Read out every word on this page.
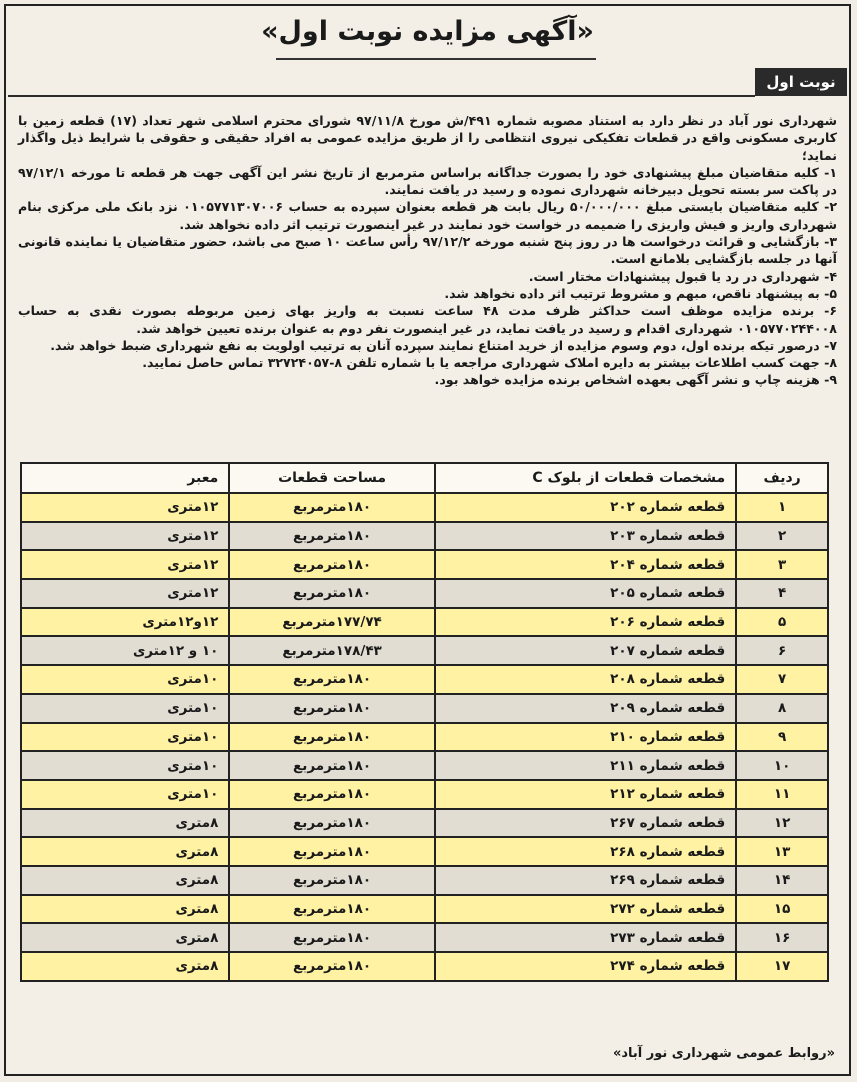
«آگهی مزایده نوبت اول»
نوبت اول

شهرداری نور آباد در نظر دارد به استناد مصوبه شماره ۴۹۱/ش مورخ ۹۷/۱۱/۸ شورای محترم اسلامی شهر تعداد (۱۷) قطعه زمین با کاربری مسکونی واقع در قطعات تفکیکی نیروی انتظامی را از طریق مزایده عمومی به افراد حقیقی و حقوقی با شرایط ذیل واگذار نماید؛

۱- کلیه متقاضیان مبلغ پیشنهادی خود را بصورت جداگانه براساس مترمربع از تاریخ نشر این آگهی جهت هر قطعه تا مورخه ۹۷/۱۲/۱ در پاکت سر بسته تحویل دبیرخانه شهرداری نموده و رسید در یافت نمایند.

۲- کلیه متقاضیان بایستی مبلغ ۵۰/۰۰۰/۰۰۰ ریال بابت هر قطعه بعنوان سپرده به حساب ۰۱۰۵۷۷۱۳۰۷۰۰۶ نزد بانک ملی مرکزی بنام شهرداری واریز و فیش واریزی را ضمیمه در خواست خود نمایند در غیر اینصورت ترتیب اثر داده نخواهد شد.

۳- بازگشایی و قرائت درخواست ها در روز پنج شنبه مورخه ۹۷/۱۲/۲ رأس ساعت ۱۰ صبح می باشد، حضور متقاضیان یا نماینده قانونی آنها در جلسه بازگشایی بلامانع است.

۴- شهرداری در رد یا قبول پیشنهادات مختار است.

۵- به پیشنهاد ناقص، مبهم و مشروط ترتیب اثر داده نخواهد شد.

۶- برنده مزایده موظف است حداکثر ظرف مدت ۴۸ ساعت نسبت به واریز بهای زمین مربوطه بصورت نقدی به حساب ۰۱۰۵۷۷۰۲۴۴۰۰۸ شهرداری اقدام و رسید در یافت نماید، در غیر اینصورت نفر دوم به عنوان برنده تعیین خواهد شد.

۷- درصور تیکه برنده اول، دوم وسوم مزایده از خرید امتناع نمایند سپرده آنان به ترتیب اولویت به نفع شهرداری ضبط خواهد شد.

۸- جهت کسب اطلاعات بیشتر به دایره املاک شهرداری مراجعه یا با شماره تلفن ۸-۳۲۷۲۴۰۵۷ تماس حاصل نمایید.

۹- هزینه چاپ و نشر آگهی بعهده اشخاص برنده مزایده خواهد بود.

ردیف	مشخصات قطعات از بلوک C	مساحت قطعات	معبر
۱	قطعه شماره ۲۰۲	۱۸۰مترمربع	۱۲متری
۲	قطعه شماره ۲۰۳	۱۸۰مترمربع	۱۲متری
۳	قطعه شماره ۲۰۴	۱۸۰مترمربع	۱۲متری
۴	قطعه شماره ۲۰۵	۱۸۰مترمربع	۱۲متری
۵	قطعه شماره ۲۰۶	۱۷۷/۷۴مترمربع	۱۲و۱۲متری
۶	قطعه شماره ۲۰۷	۱۷۸/۴۳مترمربع	۱۰ و ۱۲متری
۷	قطعه شماره ۲۰۸	۱۸۰مترمربع	۱۰متری
۸	قطعه شماره ۲۰۹	۱۸۰مترمربع	۱۰متری
۹	قطعه شماره ۲۱۰	۱۸۰مترمربع	۱۰متری
۱۰	قطعه شماره ۲۱۱	۱۸۰مترمربع	۱۰متری
۱۱	قطعه شماره ۲۱۲	۱۸۰مترمربع	۱۰متری
۱۲	قطعه شماره ۲۶۷	۱۸۰مترمربع	۸متری
۱۳	قطعه شماره ۲۶۸	۱۸۰مترمربع	۸متری
۱۴	قطعه شماره ۲۶۹	۱۸۰مترمربع	۸متری
۱۵	قطعه شماره ۲۷۲	۱۸۰مترمربع	۸متری
۱۶	قطعه شماره ۲۷۳	۱۸۰مترمربع	۸متری
۱۷	قطعه شماره ۲۷۴	۱۸۰مترمربع	۸متری
«روابط عمومی شهرداری نور آباد»
